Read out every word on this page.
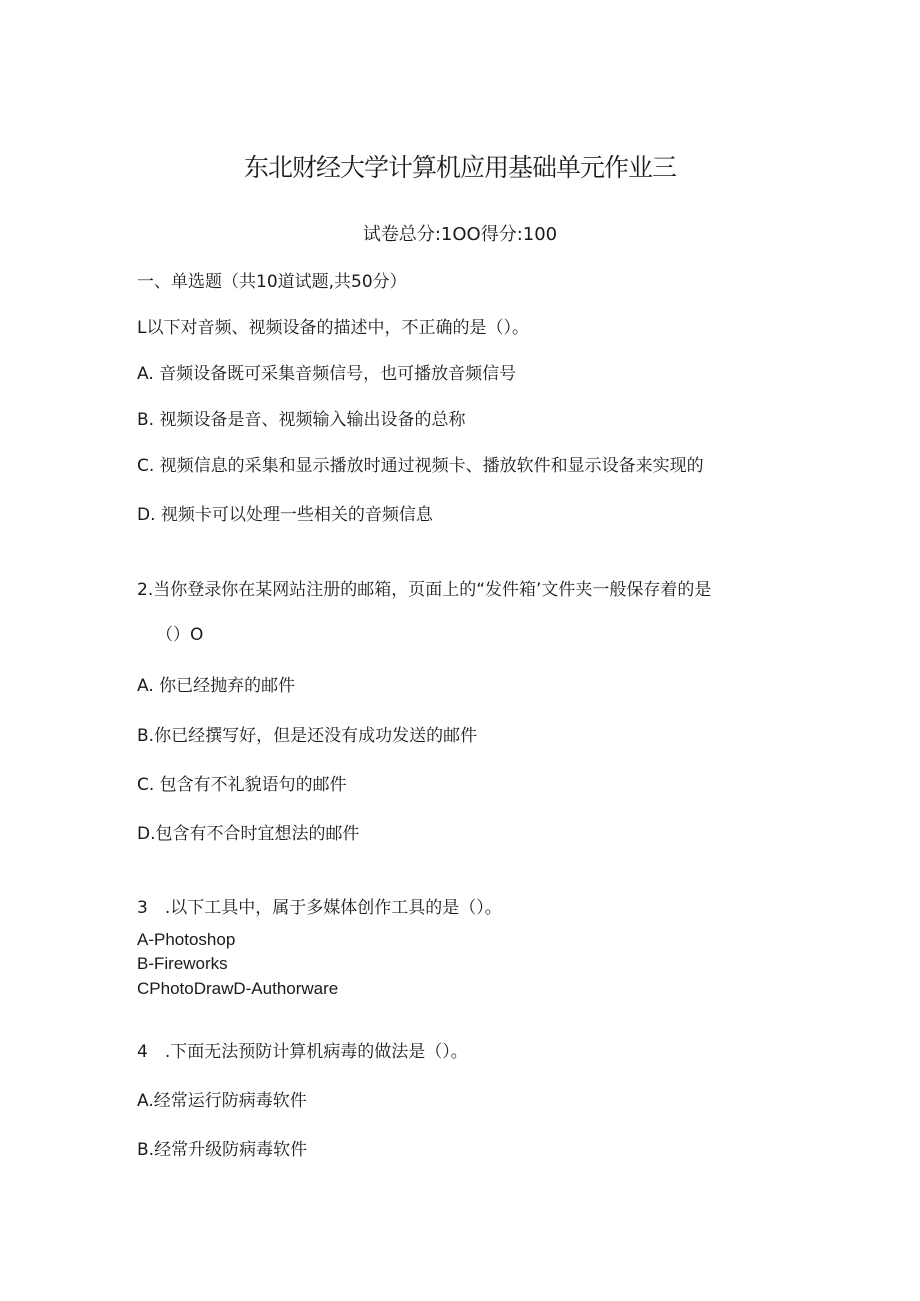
东北财经大学计算机应用基础单元作业三
试卷总分:1OO得分:100
一、单选题（共10道试题,共50分）
L以下对音频、视频设备的描述中，不正确的是（）。
A. 音频设备既可采集音频信号，也可播放音频信号
B. 视频设备是音、视频输入输出设备的总称
C. 视频信息的采集和显示播放时通过视频卡、播放软件和显示设备来实现的
D. 视频卡可以处理一些相关的音频信息
2.当你登录你在某网站注册的邮箱，页面上的“发件箱’文件夹一般保存着的是
（）O
A. 你已经抛弃的邮件
B.你已经撰写好，但是还没有成功发送的邮件
C. 包含有不礼貌语句的邮件
D.包含有不合时宜想法的邮件
3　.以下工具中，属于多媒体创作工具的是（）。
A-Photoshop
B-Fireworks
CPhotoDrawD-Authorware
4　.下面无法预防计算机病毒的做法是（）。
A.经常运行防病毒软件
B.经常升级防病毒软件
